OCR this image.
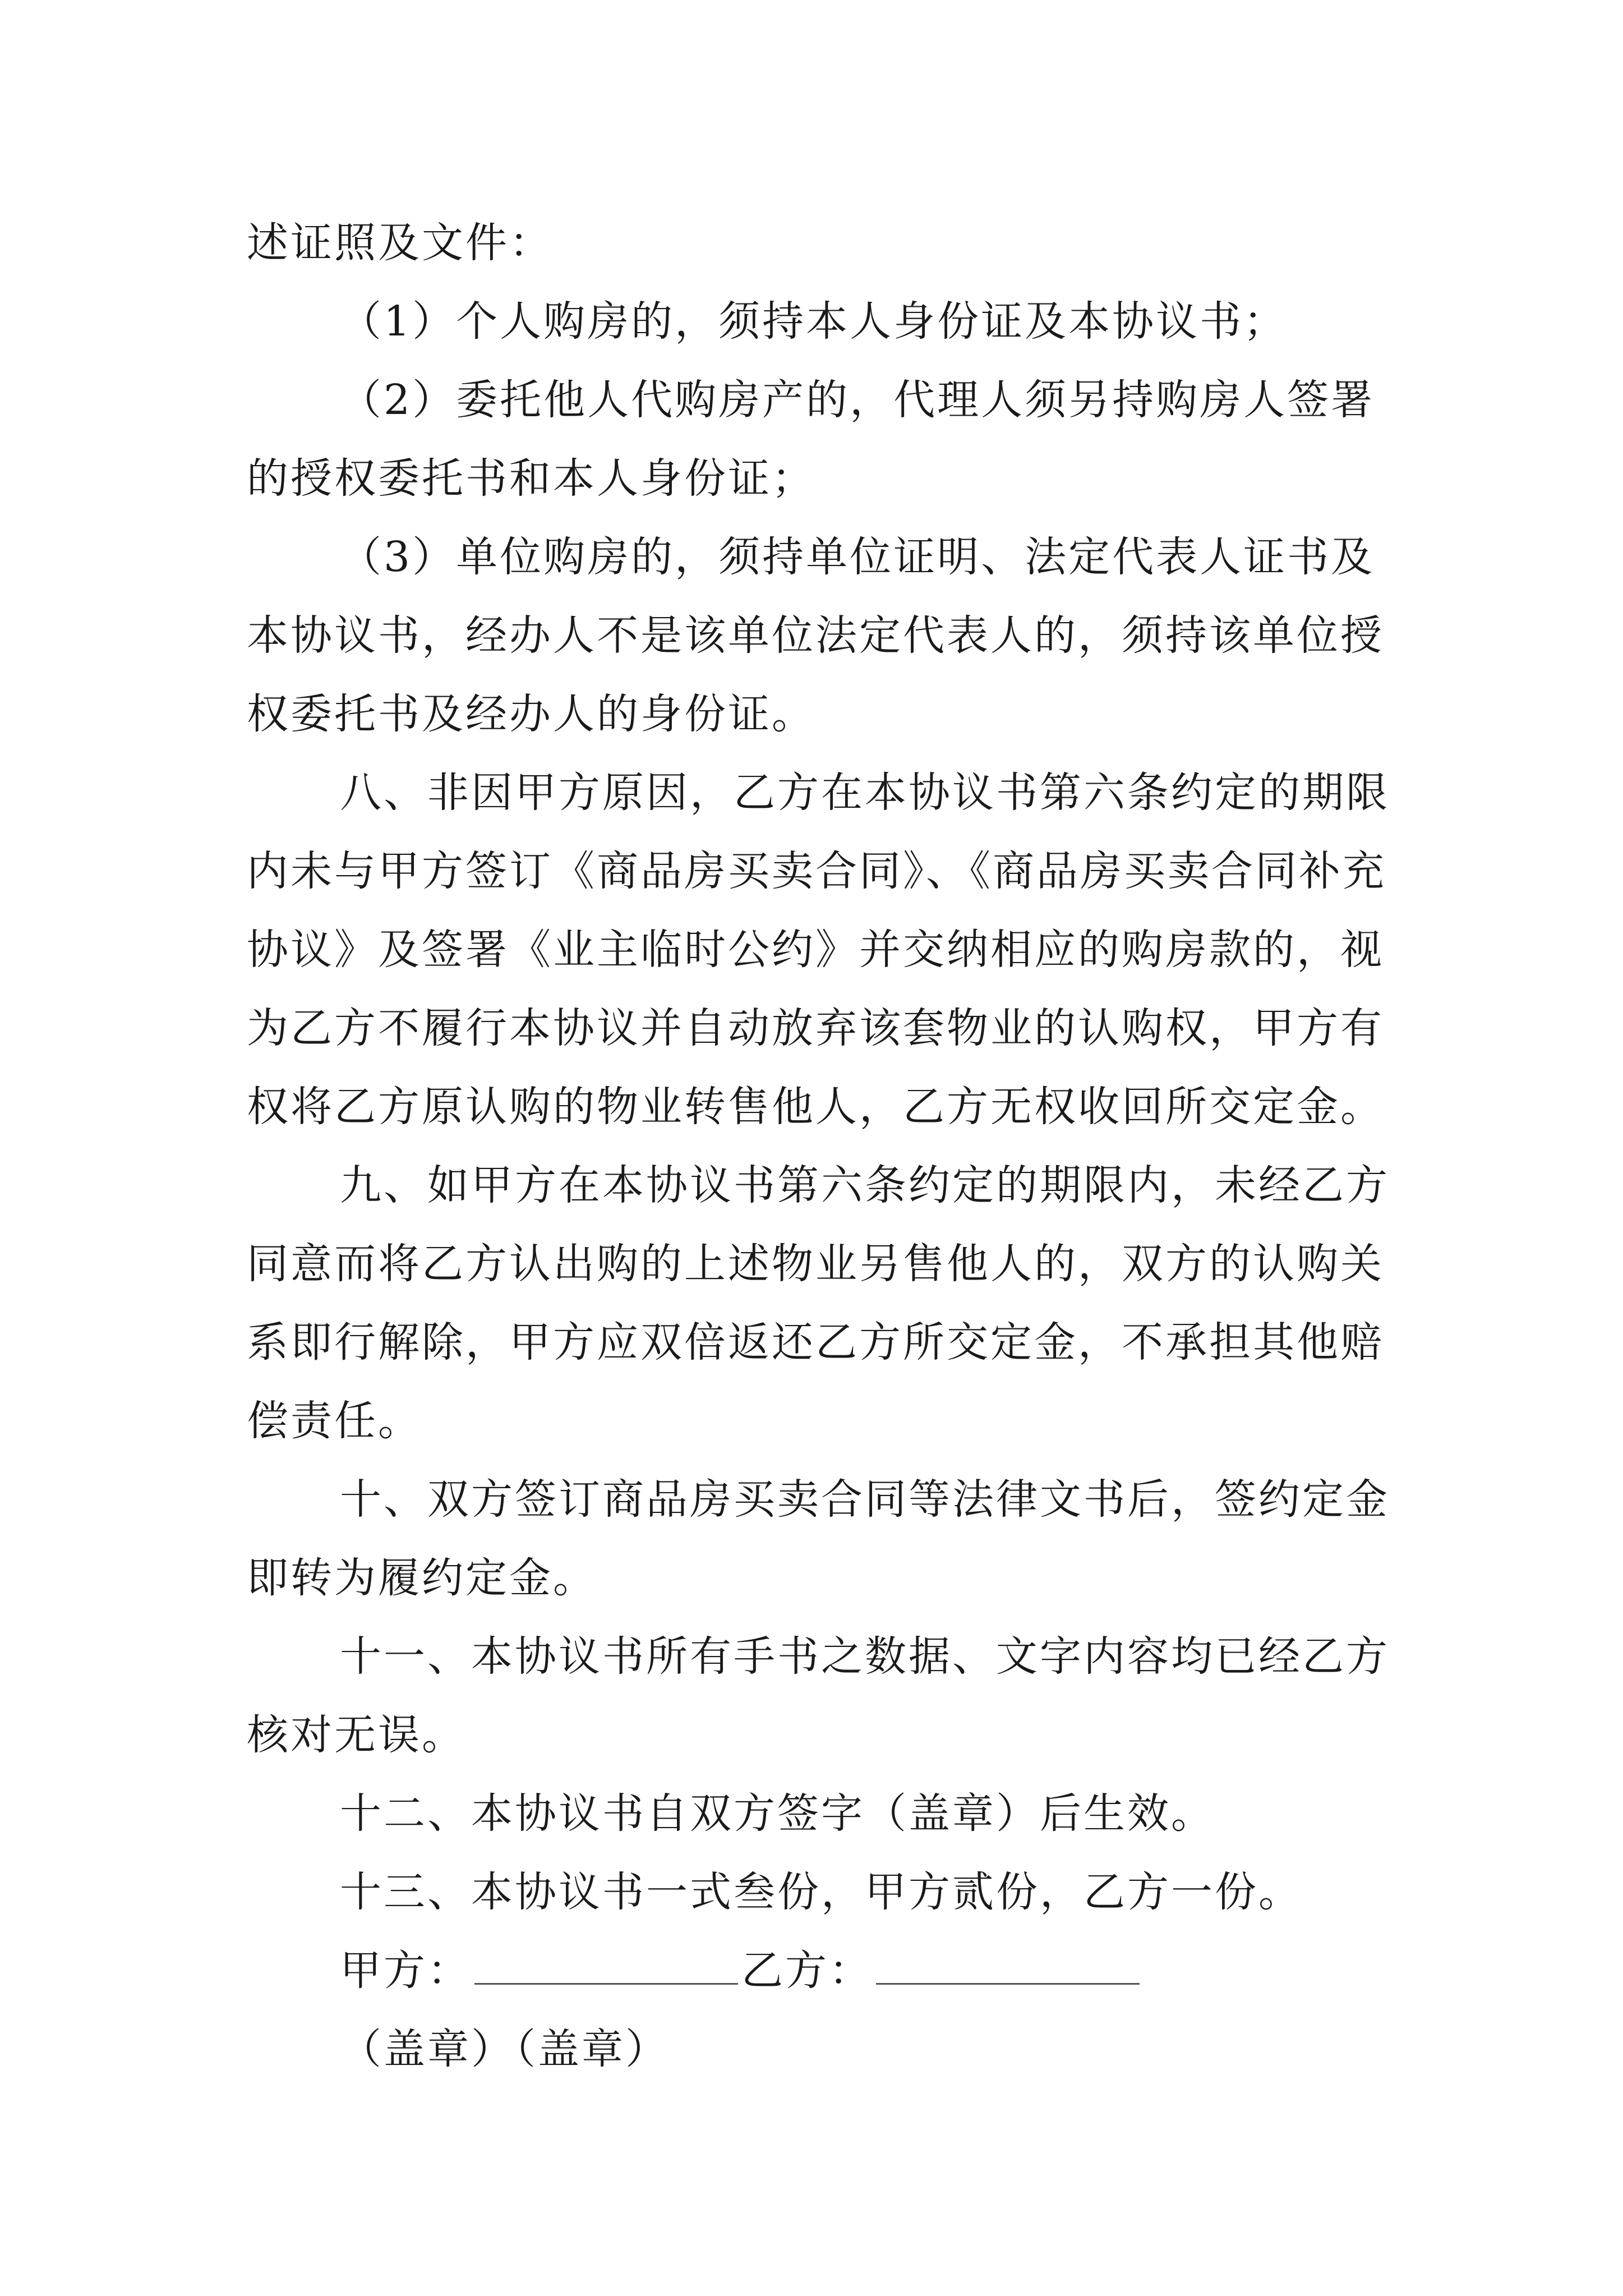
述证照及文件：
（1）个人购房的，须持本人身份证及本协议书；
（2）委托他人代购房产的，代理人须另持购房人签署
的授权委托书和本人身份证；
（3）单位购房的，须持单位证明、法定代表人证书及
本协议书，经办人不是该单位法定代表人的，须持该单位授
权委托书及经办人的身份证。
八、非因甲方原因，乙方在本协议书第六条约定的期限
内未与甲方签订《商品房买卖合同》、《商品房买卖合同补充
协议》及签署《业主临时公约》并交纳相应的购房款的，视
为乙方不履行本协议并自动放弃该套物业的认购权，甲方有
权将乙方原认购的物业转售他人，乙方无权收回所交定金。
九、如甲方在本协议书第六条约定的期限内，未经乙方
同意而将乙方认出购的上述物业另售他人的，双方的认购关
系即行解除，甲方应双倍返还乙方所交定金，不承担其他赔
偿责任。
十、双方签订商品房买卖合同等法律文书后，签约定金
即转为履约定金。
十一、本协议书所有手书之数据、文字内容均已经乙方
核对无误。
十二、本协议书自双方签字（盖章）后生效。
十三、本协议书一式叁份，甲方贰份，乙方一份。
甲方：	乙方：
（盖章）（盖章）
